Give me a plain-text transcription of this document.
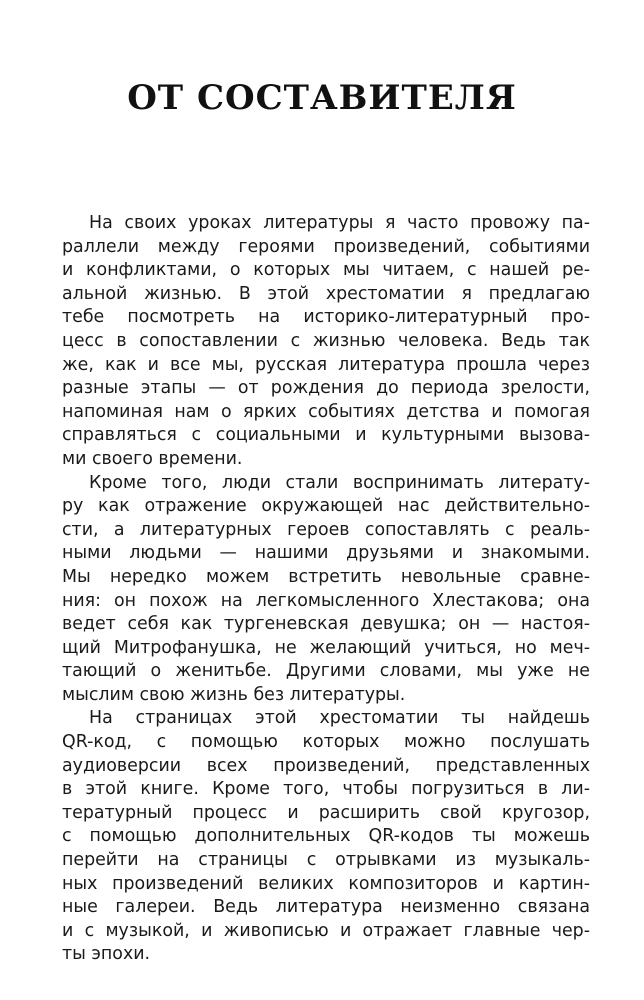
ОТ СОСТАВИТЕЛЯ

На своих уроках литературы я часто провожу па-
раллели между героями произведений, событиями
и конфликтами, о которых мы читаем, с нашей ре-
альной жизнью. В этой хрестоматии я предлагаю
тебе посмотреть на историко-литературный про-
цесс в сопоставлении с жизнью человека. Ведь так
же, как и все мы, русская литература прошла через
разные этапы — от рождения до периода зрелости,
напоминая нам о ярких событиях детства и помогая
справляться с социальными и культурными вызова-
ми своего времени.

Кроме того, люди стали воспринимать литерату-
ру как отражение окружающей нас действительно-
сти, а литературных героев сопоставлять с реаль-
ными людьми — нашими друзьями и знакомыми.
Мы нередко можем встретить невольные сравне-
ния: он похож на легкомысленного Хлестакова; она
ведет себя как тургеневская девушка; он — настоя-
щий Митрофанушка, не желающий учиться, но меч-
тающий о женитьбе. Другими словами, мы уже не
мыслим свою жизнь без литературы.

На страницах этой хрестоматии ты найдешь
QR-код, с помощью которых можно послушать
аудиоверсии всех произведений, представленных
в этой книге. Кроме того, чтобы погрузиться в ли-
тературный процесс и расширить свой кругозор,
с помощью дополнительных QR-кодов ты можешь
перейти на страницы с отрывками из музыкаль-
ных произведений великих композиторов и картин-
ные галереи. Ведь литература неизменно связана
и с музыкой, и живописью и отражает главные чер-
ты эпохи.
